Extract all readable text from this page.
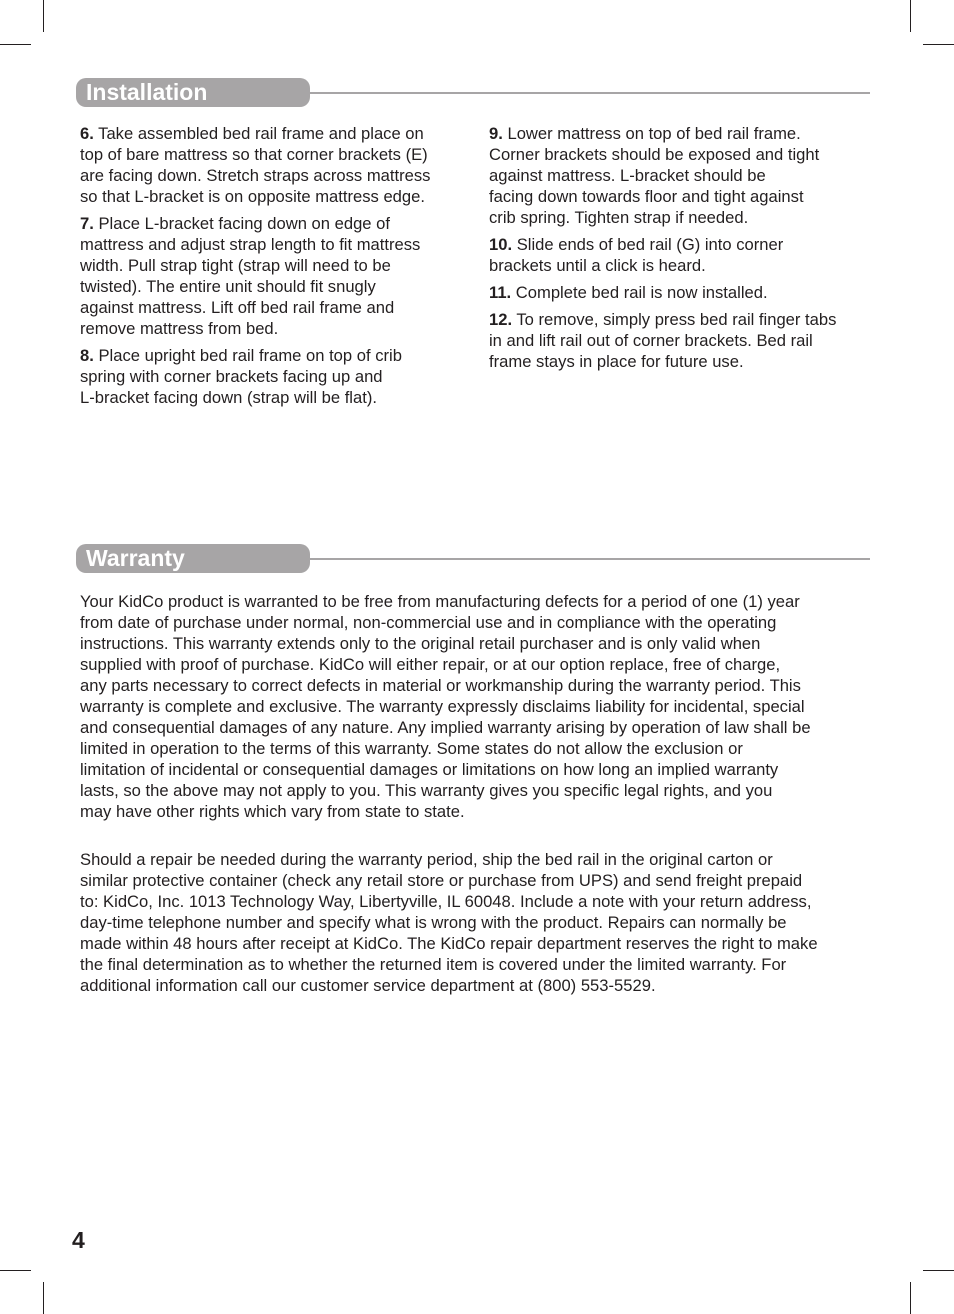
Installation
6. Take assembled bed rail frame and place on
top of bare mattress so that corner brackets (E)
are facing down. Stretch straps across mattress
so that L-bracket is on opposite mattress edge.
7. Place L-bracket facing down on edge of
mattress and adjust strap length to fit mattress
width. Pull strap tight (strap will need to be
twisted). The entire unit should fit snugly
against mattress. Lift off bed rail frame and
remove mattress from bed.
8. Place upright bed rail frame on top of crib
spring with corner brackets facing up and
L-bracket facing down (strap will be flat).
9. Lower mattress on top of bed rail frame.
Corner brackets should be exposed and tight
against mattress. L-bracket should be
facing down towards floor and tight against
crib spring. Tighten strap if needed.
10. Slide ends of bed rail (G) into corner
brackets until a click is heard.
11. Complete bed rail is now installed.
12. To remove, simply press bed rail finger tabs
in and lift rail out of corner brackets. Bed rail
frame stays in place for future use.
Warranty

Your KidCo product is warranted to be free from manufacturing defects for a period of one (1) year
from date of purchase under normal, non-commercial use and in compliance with the operating
instructions. This warranty extends only to the original retail purchaser and is only valid when
supplied with proof of purchase. KidCo will either repair, or at our option replace, free of charge,
any parts necessary to correct defects in material or workmanship during the warranty period. This
warranty is complete and exclusive. The warranty expressly disclaims liability for incidental, special
and consequential damages of any nature. Any implied warranty arising by operation of law shall be
limited in operation to the terms of this warranty. Some states do not allow the exclusion or
limitation of incidental or consequential damages or limitations on how long an implied warranty
lasts, so the above may not apply to you. This warranty gives you specific legal rights, and you
may have other rights which vary from state to state.

Should a repair be needed during the warranty period, ship the bed rail in the original carton or
similar protective container (check any retail store or purchase from UPS) and send freight prepaid
to: KidCo, Inc. 1013 Technology Way, Libertyville, IL 60048. Include a note with your return address,
day-time telephone number and specify what is wrong with the product. Repairs can normally be
made within 48 hours after receipt at KidCo. The KidCo repair department reserves the right to make
the final determination as to whether the returned item is covered under the limited warranty. For
additional information call our customer service department at (800) 553-5529.

4
